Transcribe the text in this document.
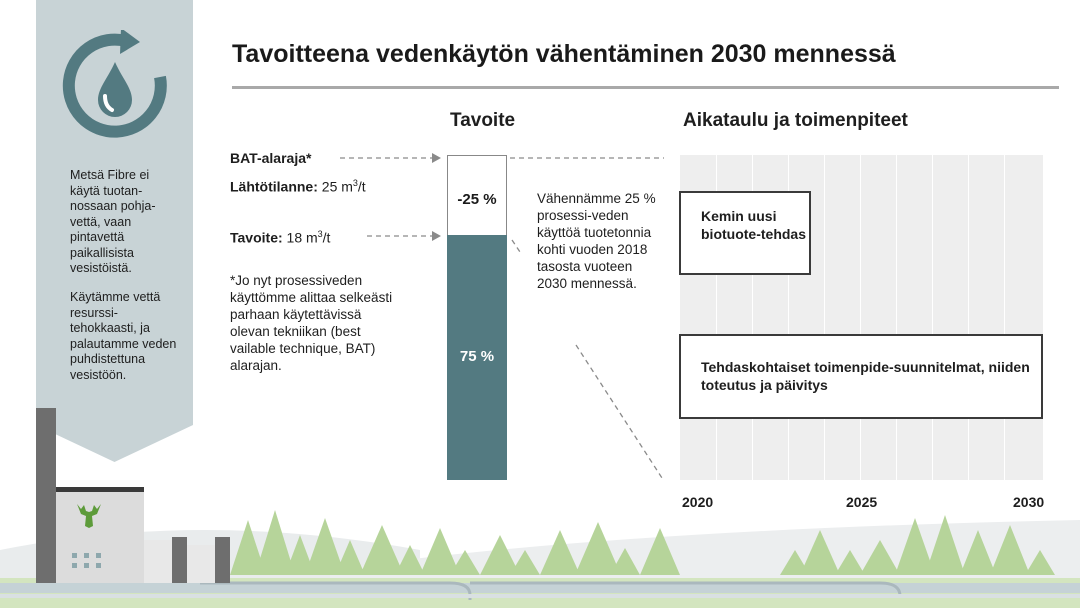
Metsä Fibre ei käytä tuotan-nossaan pohja-vettä, vaan pintavettä paikallisista vesistöistä.
Käytämme vettä resurssi-tehokkaasti, ja palautamme veden puhdistettuna vesistöön.
Tavoitteena vedenkäytön vähentäminen 2030 mennessä
BAT-alaraja*
Lähtötilanne: 25 $m^3/t$
Tavoite: 18 $m^3/t$
*Jo nyt prosessiveden käyttömme alittaa selkeästi parhaan käytettävissä olevan tekniikan (best vailable technique, BAT) alarajan.
Tavoite
-25 %
75 %
Vähennämme 25 % prosessi-veden käyttöä tuotetonnia kohti vuoden 2018 tasosta vuoteen 2030 mennessä.
Aikataulu ja toimenpiteet
Kemin uusi biotuote-tehdas
Tehdaskohtaiset toimenpide-suunnitelmat, niiden toteutus ja päivitys
2020	2025	2030
